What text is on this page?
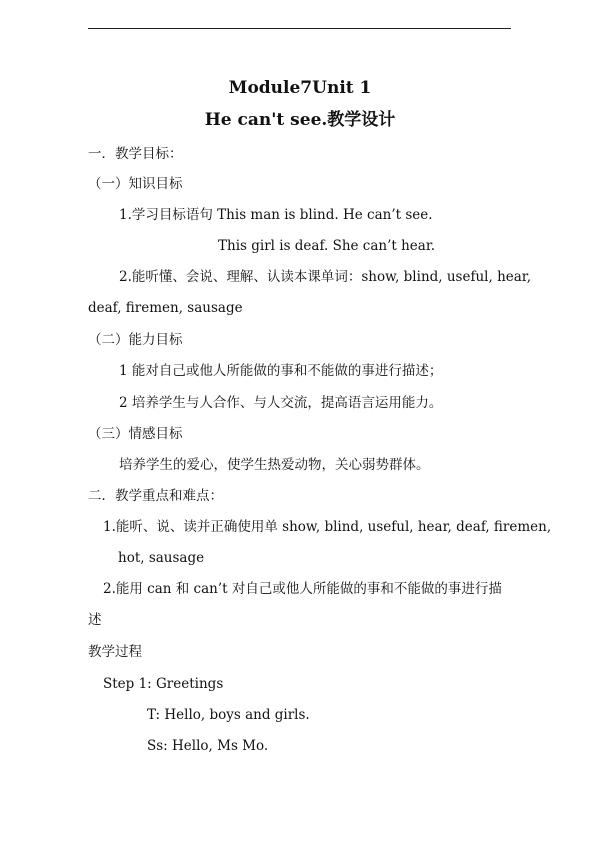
Module7Unit 1
He can't see.教学设计
一．教学目标：
（一）知识目标
1.学习目标语句 This man is blind. He can’t see.
This girl is deaf. She can’t hear.
2.能听懂、会说、理解、认读本课单词：show, blind, useful, hear,
deaf, firemen, sausage
（二）能力目标
1 能对自己或他人所能做的事和不能做的事进行描述；
2 培养学生与人合作、与人交流，提高语言运用能力。
（三）情感目标
培养学生的爱心，使学生热爱动物，关心弱势群体。
二．教学重点和难点：
1.能听、说、读并正确使用单 show, blind, useful, hear, deaf, firemen,
hot, sausage
2.能用 can 和 can’t 对自己或他人所能做的事和不能做的事进行描
述
教学过程
Step 1: Greetings
T: Hello, boys and girls.
Ss: Hello, Ms Mo.
